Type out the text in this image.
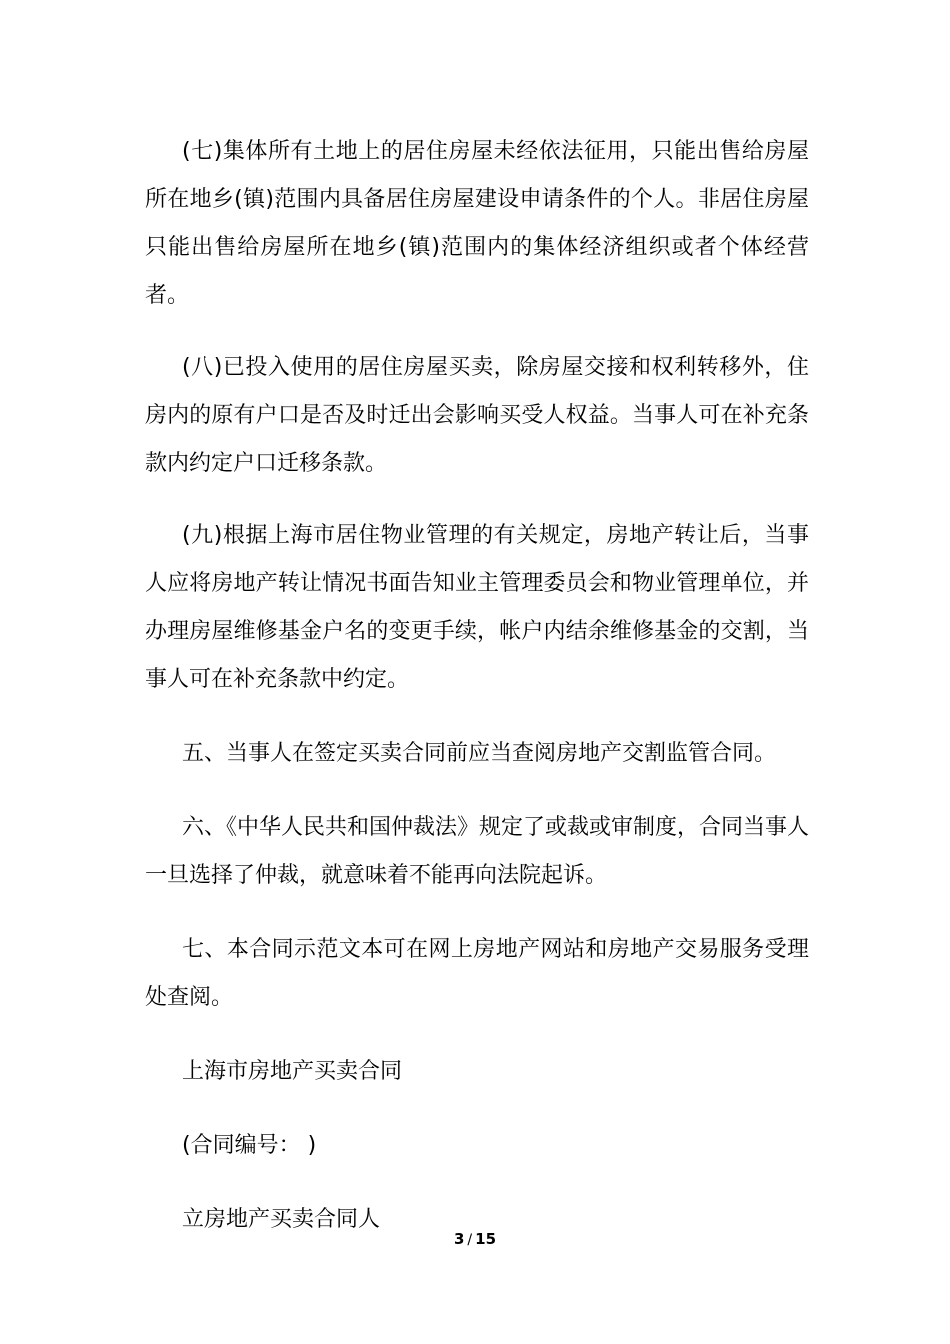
(七)集体所有土地上的居住房屋未经依法征用，只能出售给房屋所在地乡(镇)范围内具备居住房屋建设申请条件的个人。非居住房屋只能出售给房屋所在地乡(镇)范围内的集体经济组织或者个体经营者。

(八)已投入使用的居住房屋买卖，除房屋交接和权利转移外，住房内的原有户口是否及时迁出会影响买受人权益。当事人可在补充条款内约定户口迁移条款。

(九)根据上海市居住物业管理的有关规定，房地产转让后，当事人应将房地产转让情况书面告知业主管理委员会和物业管理单位，并办理房屋维修基金户名的变更手续，帐户内结余维修基金的交割，当事人可在补充条款中约定。

五、当事人在签定买卖合同前应当查阅房地产交割监管合同。

六、《中华人民共和国仲裁法》规定了或裁或审制度，合同当事人一旦选择了仲裁，就意味着不能再向法院起诉。

七、本合同示范文本可在网上房地产网站和房地产交易服务受理处查阅。

上海市房地产买卖合同

(合同编号： )

立房地产买卖合同人

3 / 15
